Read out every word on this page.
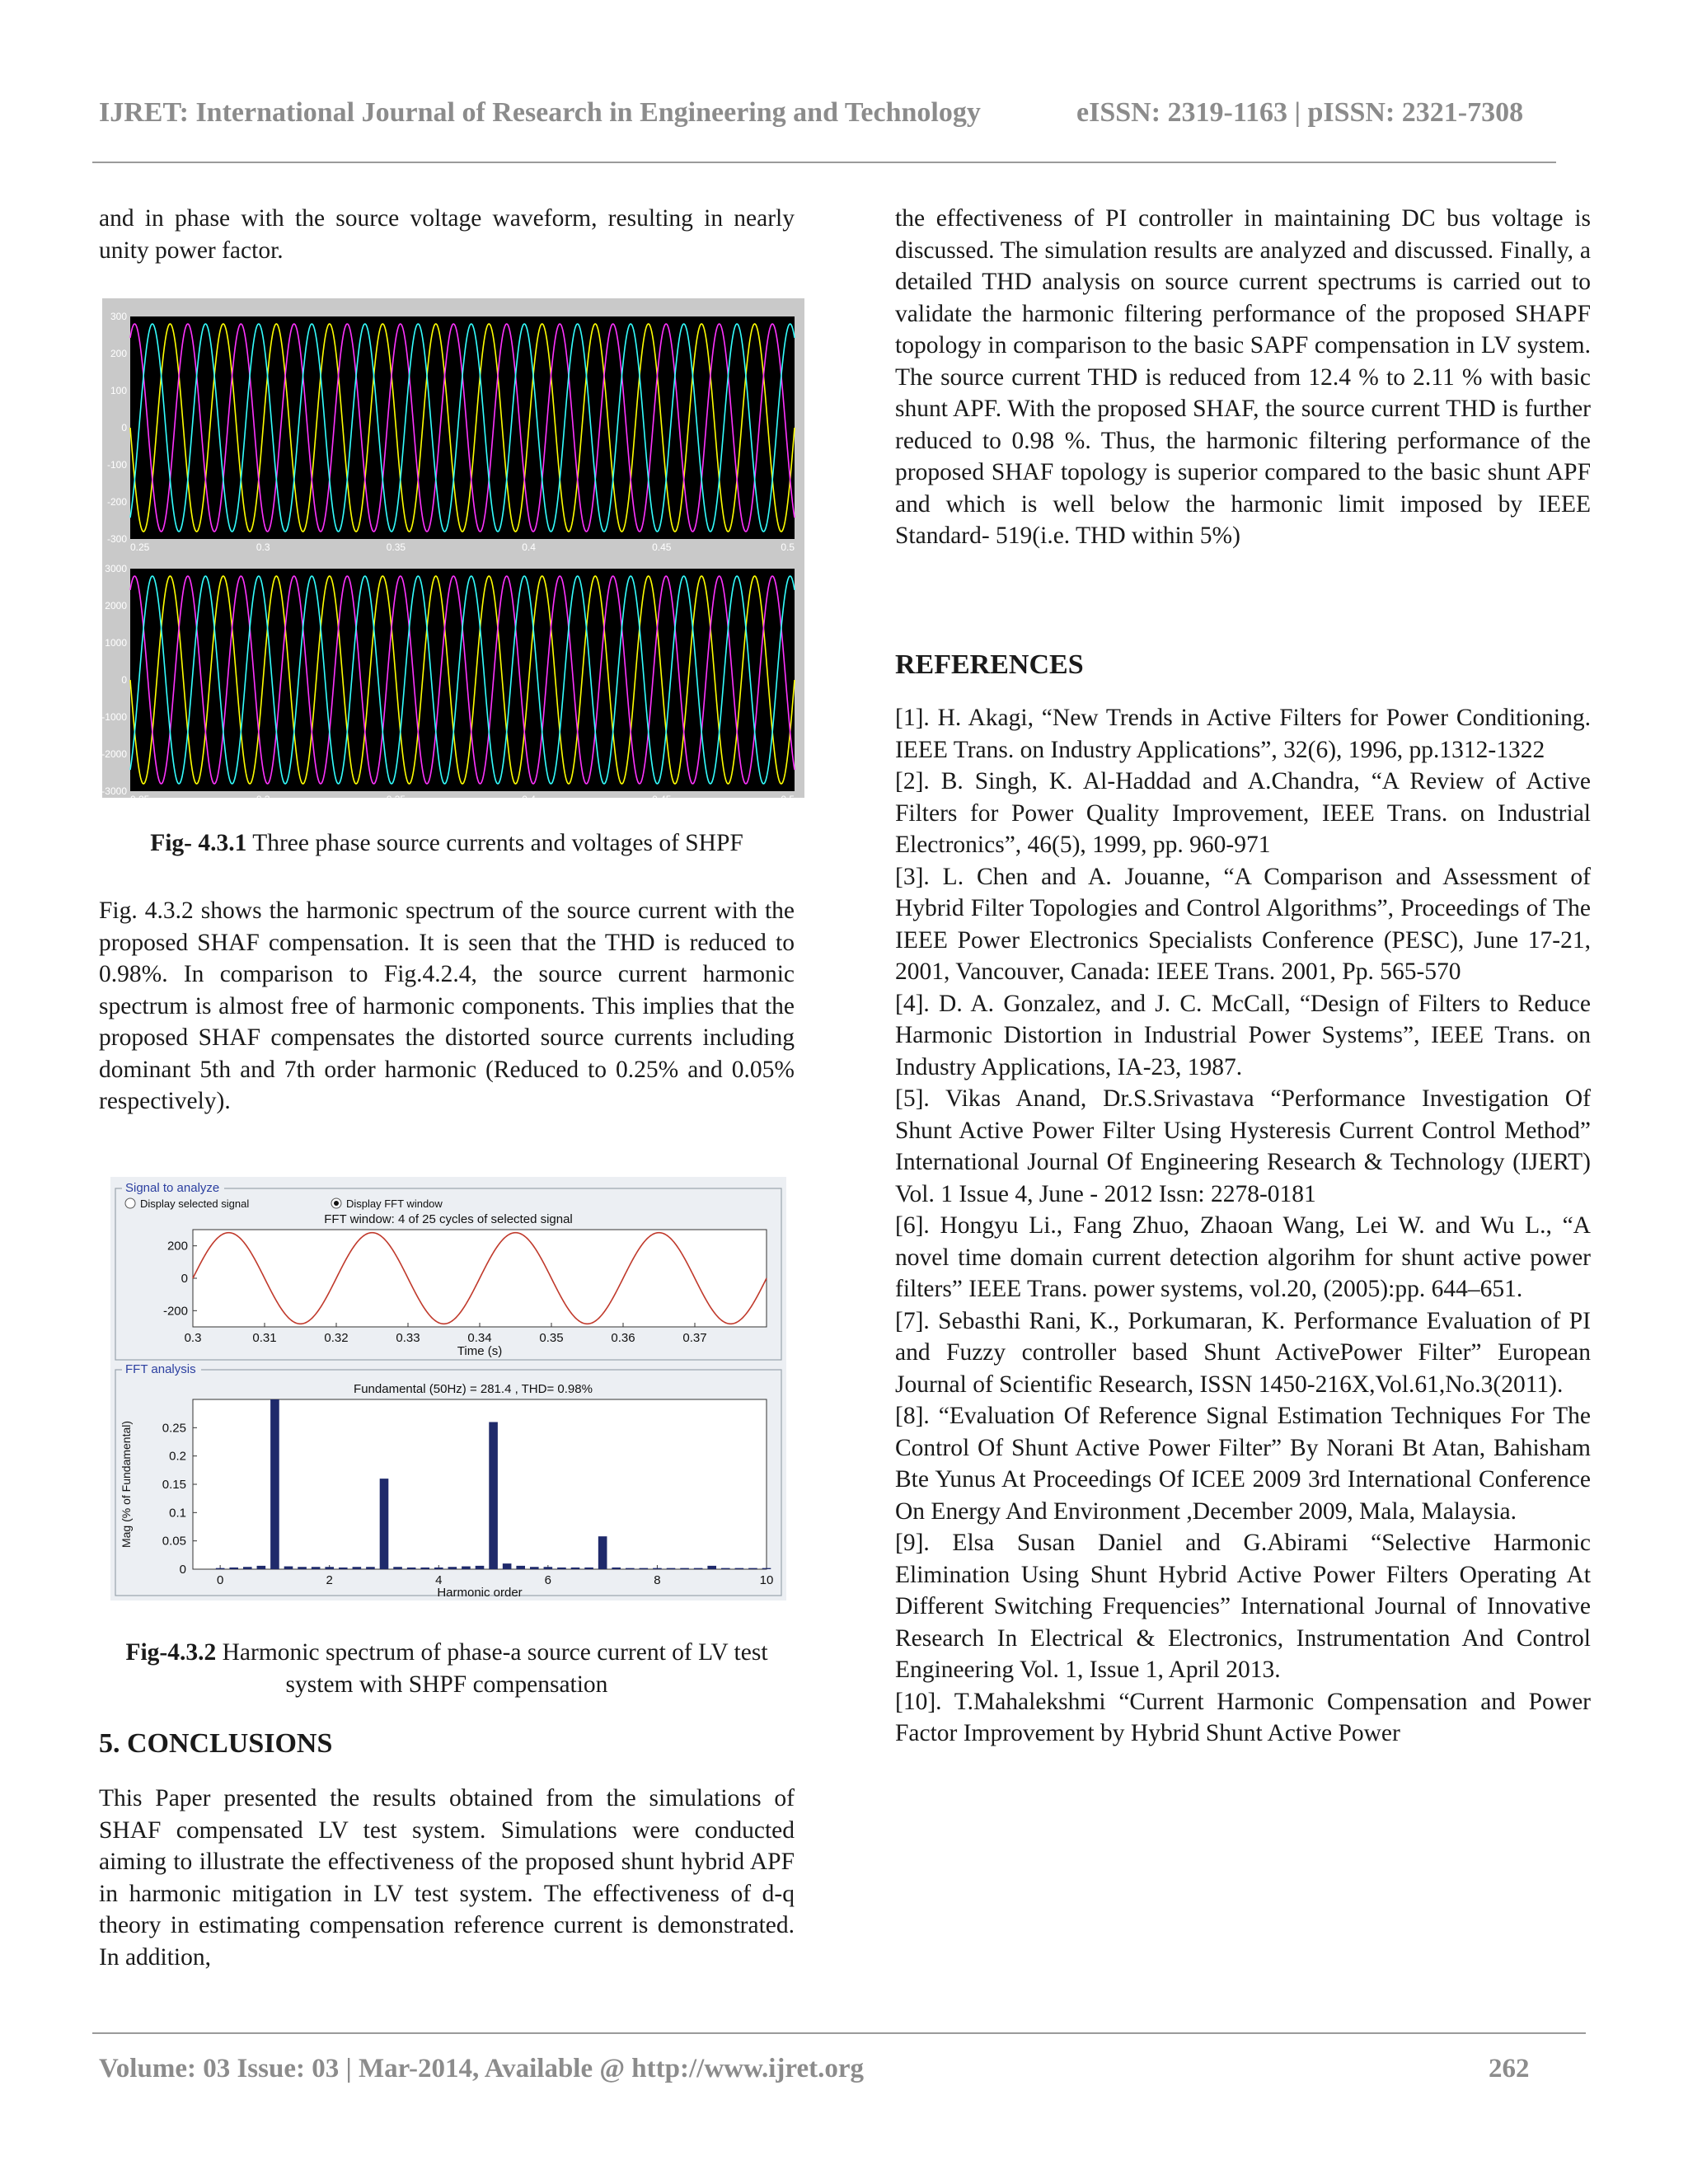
IJRET: International Journal of Research in Engineering and Technology	eISSN: 2319-1163 | pISSN: 2321-7308

and in phase with the source voltage waveform, resulting in nearly unity power factor.

300
200
100
0
-100
-200
-300
0.25	0.3	0.35	0.4	0.45	0.5
3000
2000
1000
0
-1000
-2000
-3000
0.25	0.3	0.35	0.4	0.45	0.5
Fig- 4.3.1 Three phase source currents and voltages of SHPF

Fig. 4.3.2 shows the harmonic spectrum of the source current with the proposed SHAF compensation. It is seen that the THD is reduced to 0.98%. In comparison to Fig.4.2.4, the source current harmonic spectrum is almost free of harmonic components. This implies that the proposed SHAF compensates the distorted source currents including dominant 5th and 7th order harmonic (Reduced to 0.25% and 0.05% respectively).

Signal to analyze
Display selected signal	Display FFT window
FFT window: 4 of 25 cycles of selected signal
200
0
-200
0.3	0.31	0.32	0.33	0.34	0.35	0.36	0.37
Time (s)
FFT analysis
Fundamental (50Hz) = 281.4 , THD= 0.98%
0.25
0.2
0.15
0.1
0.05
0
0	2	4	6	8	10
Harmonic order
Mag (% of Fundamental)
Fig-4.3.2 Harmonic spectrum of phase-a source current of LV test system with SHPF compensation
5. CONCLUSIONS

This Paper presented the results obtained from the simulations of SHAF compensated LV test system. Simulations were conducted aiming to illustrate the effectiveness of the proposed shunt hybrid APF in harmonic mitigation in LV test system. The effectiveness of d-q theory in estimating compensation reference current is demonstrated. In addition,

the effectiveness of PI controller in maintaining DC bus voltage is discussed. The simulation results are analyzed and discussed. Finally, a detailed THD analysis on source current spectrums is carried out to validate the harmonic filtering performance of the proposed SHAPF topology in comparison to the basic SAPF compensation in LV system. The source current THD is reduced from 12.4 % to 2.11 % with basic shunt APF. With the proposed SHAF, the source current THD is further reduced to 0.98 %. Thus, the harmonic filtering performance of the proposed SHAF topology is superior compared to the basic shunt APF and which is well below the harmonic limit imposed by IEEE Standard- 519(i.e. THD within 5%)

REFERENCES

[1]. H. Akagi, “New Trends in Active Filters for Power Conditioning. IEEE Trans. on Industry Applications”, 32(6), 1996, pp.1312-1322

[2]. B. Singh, K. Al-Haddad and A.Chandra, “A Review of Active Filters for Power Quality Improvement, IEEE Trans. on Industrial Electronics”, 46(5), 1999, pp. 960-971

[3]. L. Chen and A. Jouanne, “A Comparison and Assessment of Hybrid Filter Topologies and Control Algorithms”, Proceedings of The IEEE Power Electronics Specialists Conference (PESC), June 17-21, 2001, Vancouver, Canada: IEEE Trans. 2001, Pp. 565-570

[4]. D. A. Gonzalez, and J. C. McCall, “Design of Filters to Reduce Harmonic Distortion in Industrial Power Systems”, IEEE Trans. on Industry Applications, IA-23, 1987.

[5]. Vikas Anand, Dr.S.Srivastava “Performance Investigation Of Shunt Active Power Filter Using Hysteresis Current Control Method” International Journal Of Engineering Research & Technology (IJERT) Vol. 1 Issue 4, June - 2012 Issn: 2278-0181

[6]. Hongyu Li., Fang Zhuo, Zhaoan Wang, Lei W. and Wu L., “A novel time domain current detection algorihm for shunt active power filters” IEEE Trans. power systems, vol.20, (2005):pp. 644–651.

[7]. Sebasthi Rani, K., Porkumaran, K. Performance Evaluation of PI and Fuzzy controller based Shunt ActivePower Filter” European Journal of Scientific Research, ISSN 1450-216X,Vol.61,No.3(2011).

[8]. “Evaluation Of Reference Signal Estimation Techniques For The Control Of Shunt Active Power Filter” By Norani Bt Atan, Bahisham Bte Yunus At Proceedings Of ICEE 2009 3rd International Conference On Energy And Environment ,December 2009, Mala, Malaysia.

[9]. Elsa Susan Daniel and G.Abirami “Selective Harmonic Elimination Using Shunt Hybrid Active Power Filters Operating At Different Switching Frequencies” International Journal of Innovative Research In Electrical & Electronics, Instrumentation And Control Engineering Vol. 1, Issue 1, April 2013.

[10]. T.Mahalekshmi “Current Harmonic Compensation and Power Factor Improvement by Hybrid Shunt Active Power

Volume: 03 Issue: 03 | Mar-2014, Available @ http://www.ijret.org	262
